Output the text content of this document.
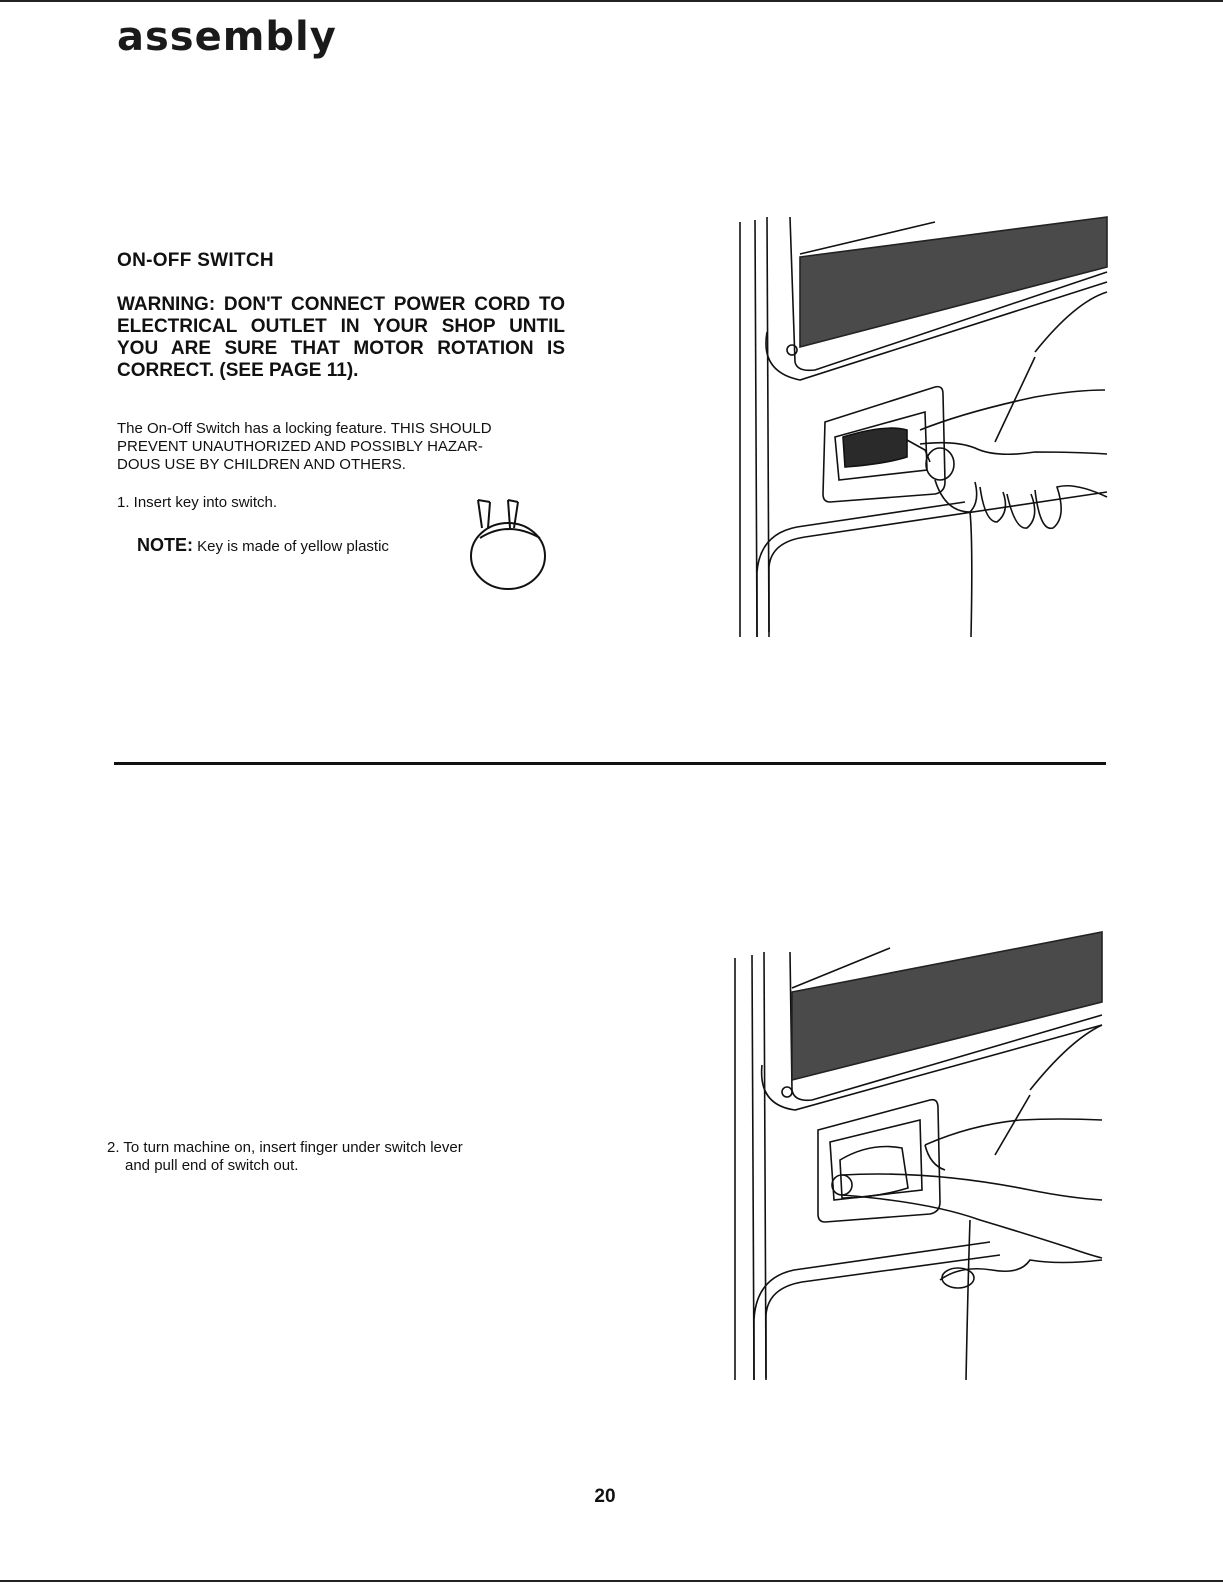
assembly
ON-OFF SWITCH
WARNING: DON'T CONNECT POWER CORD TO ELECTRICAL OUTLET IN YOUR SHOP UNTIL YOU ARE SURE THAT MOTOR ROTATION IS CORRECT. (SEE PAGE 11).
The On-Off Switch has a locking feature. THIS SHOULD
PREVENT UNAUTHORIZED AND POSSIBLY HAZAR-
DOUS USE BY CHILDREN AND OTHERS.
1. Insert key into switch.
NOTE: Key is made of yellow plastic
2. To turn machine on, insert finger under switch lever
and pull end of switch out.
20
